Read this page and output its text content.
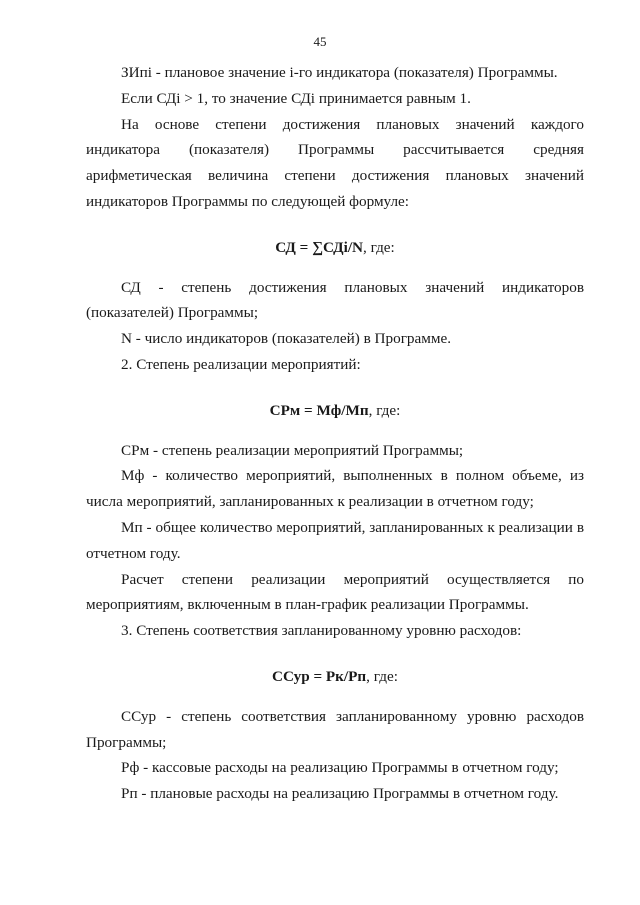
45

ЗИпi - плановое значение i-го индикатора (показателя) Программы.

Если СДi > 1, то значение СДi принимается равным 1.

На основе степени достижения плановых значений каждого индикатора (показателя) Программы рассчитывается средняя арифметическая величина степени достижения плановых значений индикаторов Программы по следующей формуле:

СД = ∑СДi/N, где:

СД - степень достижения плановых значений индикаторов (показателей) Программы;

N - число индикаторов (показателей) в Программе.

2. Степень реализации мероприятий:

СРм = Мф/Мп, где:

СРм - степень реализации мероприятий Программы;

Мф - количество мероприятий, выполненных в полном объеме, из числа мероприятий, запланированных к реализации в отчетном году;

Мп - общее количество мероприятий, запланированных к реализации в отчетном году.

Расчет степени реализации мероприятий осуществляется по мероприятиям, включенным в план-график реализации Программы.

3. Степень соответствия запланированному уровню расходов:

ССур = Рк/Рп, где:

ССур - степень соответствия запланированному уровню расходов Программы;

Рф - кассовые расходы на реализацию Программы в отчетном году;

Рп - плановые расходы на реализацию Программы в отчетном году.
